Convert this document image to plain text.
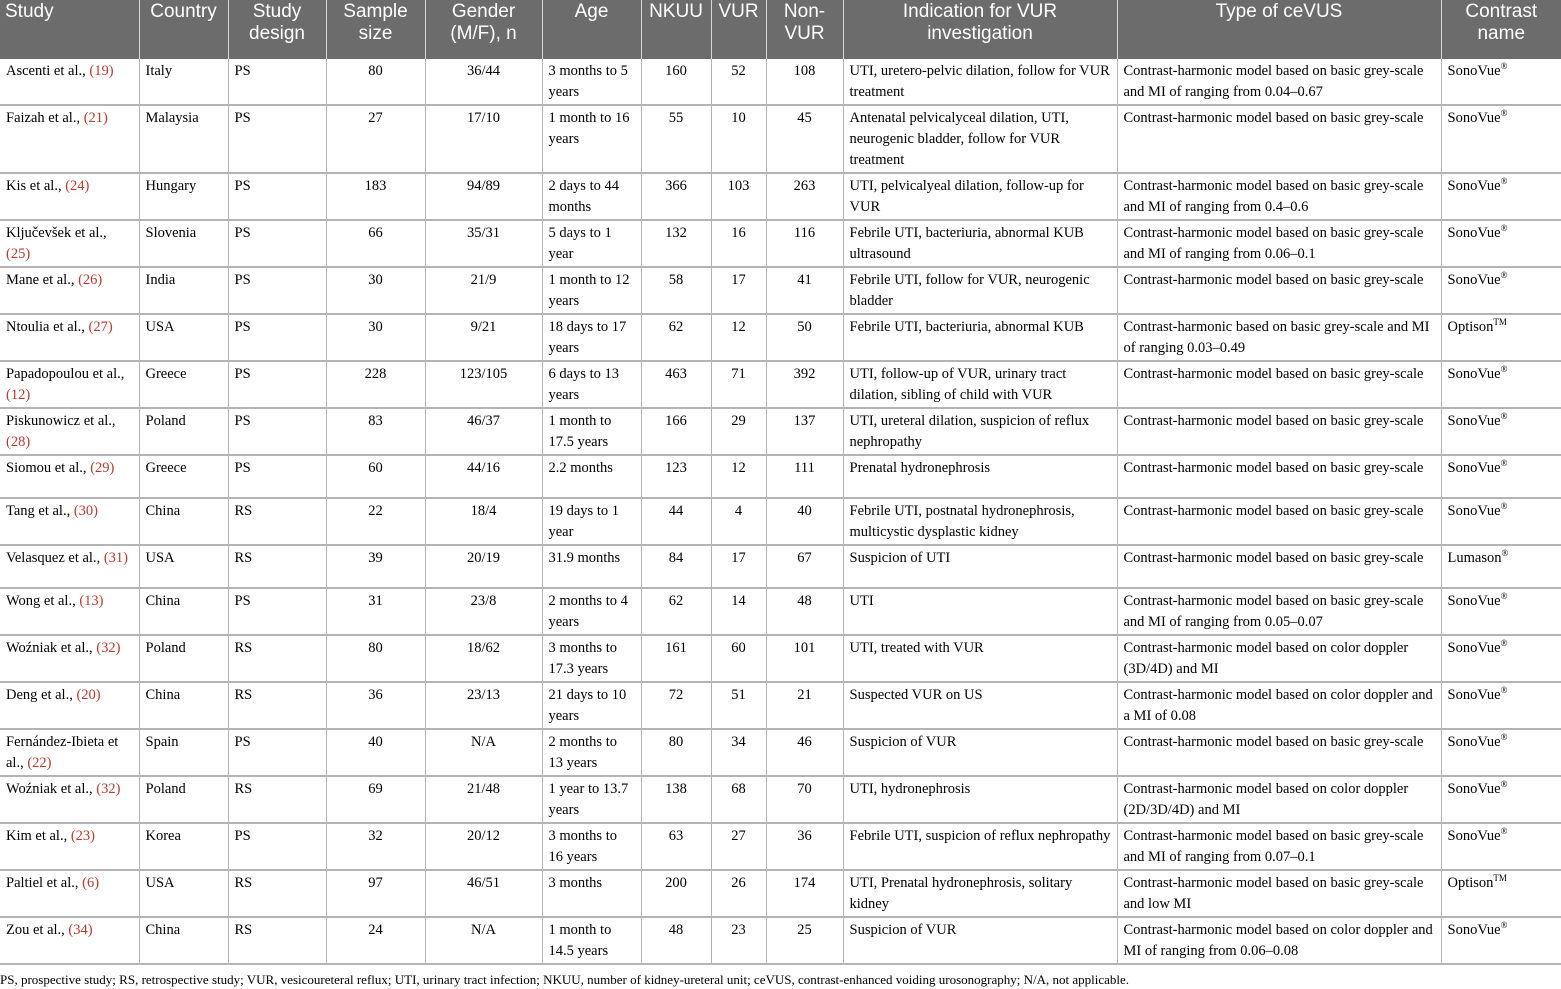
Study	Country	Study design	Sample size	Gender (M/F), n	Age	NKUU	VUR	Non-VUR	Indication for VUR investigation	Type of ceVUS	Contrast name
Ascenti et al., (19)	Italy	PS	80	36/44	3 months to 5 years	160	52	108	UTI, uretero-pelvic dilation, follow for VUR treatment	Contrast-harmonic model based on basic grey-scale and MI of ranging from 0.04–0.67	SonoVue®
Faizah et al., (21)	Malaysia	PS	27	17/10	1 month to 16 years	55	10	45	Antenatal pelvicalyceal dilation, UTI, neurogenic bladder, follow for VUR treatment	Contrast-harmonic model based on basic grey-scale	SonoVue®
Kis et al., (24)	Hungary	PS	183	94/89	2 days to 44 months	366	103	263	UTI, pelvicalyeal dilation, follow-up for VUR	Contrast-harmonic model based on basic grey-scale and MI of ranging from 0.4–0.6	SonoVue®
Ključevšek et al., (25)	Slovenia	PS	66	35/31	5 days to 1 year	132	16	116	Febrile UTI, bacteriuria, abnormal KUB ultrasound	Contrast-harmonic model based on basic grey-scale and MI of ranging from 0.06–0.1	SonoVue®
Mane et al., (26)	India	PS	30	21/9	1 month to 12 years	58	17	41	Febrile UTI, follow for VUR, neurogenic bladder	Contrast-harmonic model based on basic grey-scale	SonoVue®
Ntoulia et al., (27)	USA	PS	30	9/21	18 days to 17 years	62	12	50	Febrile UTI, bacteriuria, abnormal KUB	Contrast-harmonic based on basic grey-scale and MI of ranging 0.03–0.49	Optison™
Papadopoulou et al., (12)	Greece	PS	228	123/105	6 days to 13 years	463	71	392	UTI, follow-up of VUR, urinary tract dilation, sibling of child with VUR	Contrast-harmonic model based on basic grey-scale	SonoVue®
Piskunowicz et al., (28)	Poland	PS	83	46/37	1 month to 17.5 years	166	29	137	UTI, ureteral dilation, suspicion of reflux nephropathy	Contrast-harmonic model based on basic grey-scale	SonoVue®
Siomou et al., (29)	Greece	PS	60	44/16	2.2 months	123	12	111	Prenatal hydronephrosis	Contrast-harmonic model based on basic grey-scale	SonoVue®
Tang et al., (30)	China	RS	22	18/4	19 days to 1 year	44	4	40	Febrile UTI, postnatal hydronephrosis, multicystic dysplastic kidney	Contrast-harmonic model based on basic grey-scale	SonoVue®
Velasquez et al., (31)	USA	RS	39	20/19	31.9 months	84	17	67	Suspicion of UTI	Contrast-harmonic model based on basic grey-scale	Lumason®
Wong et al., (13)	China	PS	31	23/8	2 months to 4 years	62	14	48	UTI	Contrast-harmonic model based on basic grey-scale and MI of ranging from 0.05–0.07	SonoVue®
Woźniak et al., (32)	Poland	RS	80	18/62	3 months to 17.3 years	161	60	101	UTI, treated with VUR	Contrast-harmonic model based on color doppler (3D/4D) and MI	SonoVue®
Deng et al., (20)	China	RS	36	23/13	21 days to 10 years	72	51	21	Suspected VUR on US	Contrast-harmonic model based on color doppler and a MI of 0.08	SonoVue®
Fernández-Ibieta et al., (22)	Spain	PS	40	N/A	2 months to 13 years	80	34	46	Suspicion of VUR	Contrast-harmonic model based on basic grey-scale	SonoVue®
Woźniak et al., (32)	Poland	RS	69	21/48	1 year to 13.7 years	138	68	70	UTI, hydronephrosis	Contrast-harmonic model based on color doppler (2D/3D/4D) and MI	SonoVue®
Kim et al., (23)	Korea	PS	32	20/12	3 months to 16 years	63	27	36	Febrile UTI, suspicion of reflux nephropathy	Contrast-harmonic model based on basic grey-scale and MI of ranging from 0.07–0.1	SonoVue®
Paltiel et al., (6)	USA	RS	97	46/51	3 months	200	26	174	UTI, Prenatal hydronephrosis, solitary kidney	Contrast-harmonic model based on basic grey-scale and low MI	Optison™
Zou et al., (34)	China	RS	24	N/A	1 month to 14.5 years	48	23	25	Suspicion of VUR	Contrast-harmonic model based on color doppler and MI of ranging from 0.06–0.08	SonoVue®
PS, prospective study; RS, retrospective study; VUR, vesicoureteral reflux; UTI, urinary tract infection; NKUU, number of kidney-ureteral unit; ceVUS, contrast-enhanced voiding urosonography; N/A, not applicable.
